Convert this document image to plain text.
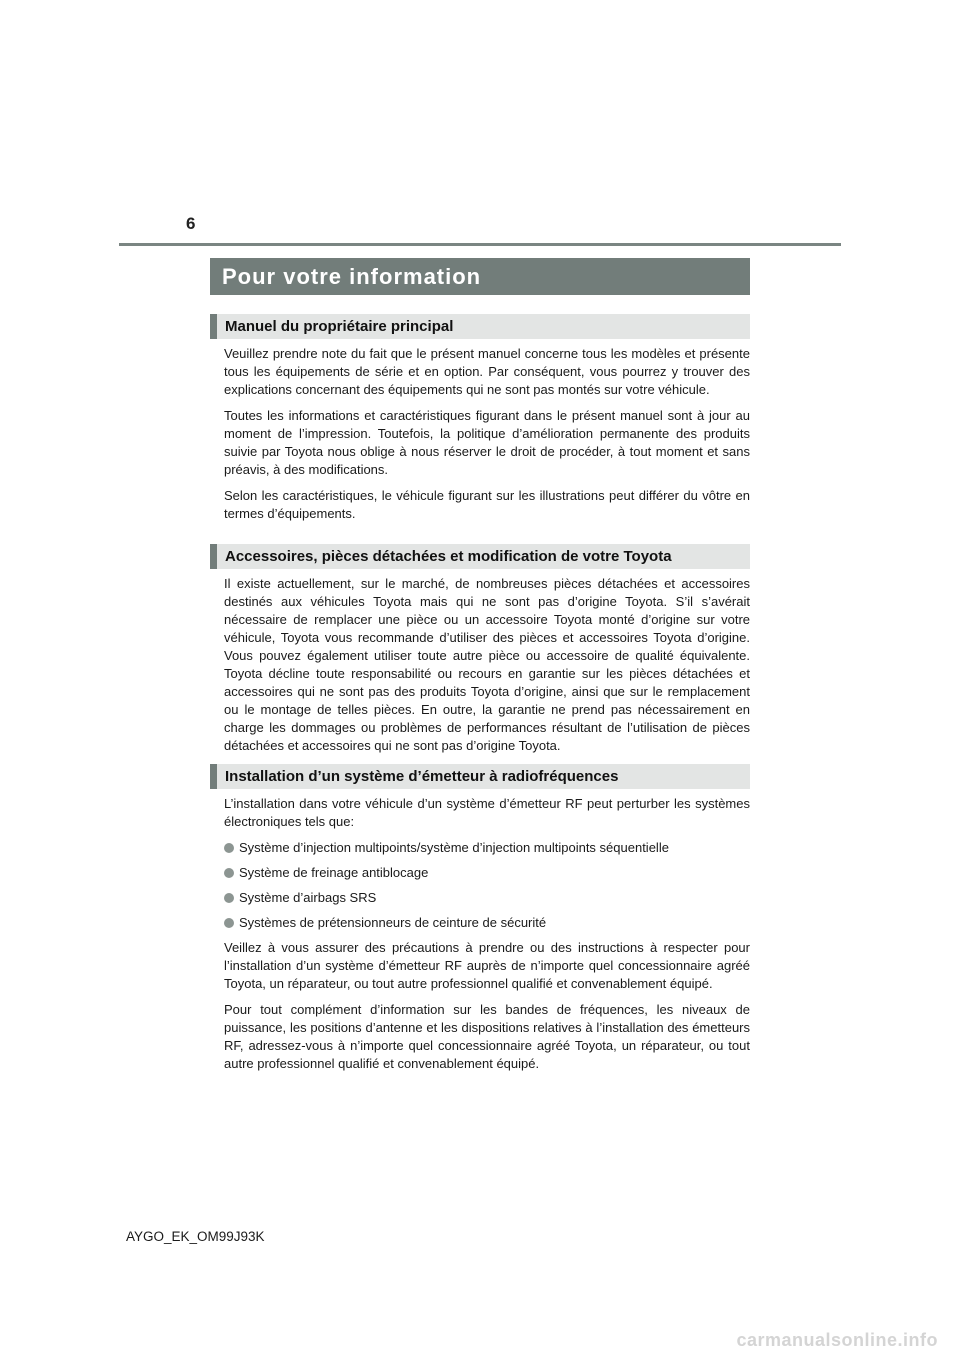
6
Pour votre information
Manuel du propriétaire principal

Veuillez prendre note du fait que le présent manuel concerne tous les modèles et présente tous les équipements de série et en option. Par conséquent, vous pourrez y trouver des explications concernant des équipements qui ne sont pas montés sur votre véhicule.

Toutes les informations et caractéristiques figurant dans le présent manuel sont à jour au moment de l’impression. Toutefois, la politique d’amélioration permanente des produits suivie par Toyota nous oblige à nous réserver le droit de procéder, à tout moment et sans préavis, à des modifications.

Selon les caractéristiques, le véhicule figurant sur les illustrations peut différer du vôtre en termes d’équipements.

Accessoires, pièces détachées et modification de votre Toyota

Il existe actuellement, sur le marché, de nombreuses pièces détachées et accessoires destinés aux véhicules Toyota mais qui ne sont pas d’origine Toyota. S’il s’avérait nécessaire de remplacer une pièce ou un accessoire Toyota monté d’origine sur votre véhicule, Toyota vous recommande d’utiliser des pièces et accessoires Toyota d’origine. Vous pouvez également utiliser toute autre pièce ou accessoire de qualité équivalente. Toyota décline toute responsabilité ou recours en garantie sur les pièces détachées et accessoires qui ne sont pas des produits Toyota d’origine, ainsi que sur le remplacement ou le montage de telles pièces. En outre, la garantie ne prend pas nécessairement en charge les dommages ou problèmes de performances résultant de l’utilisation de pièces détachées et accessoires qui ne sont pas d’origine Toyota.

Installation d’un système d’émetteur à radiofréquences

L’installation dans votre véhicule d’un système d’émetteur RF peut perturber les systèmes électroniques tels que:

Système d’injection multipoints/système d’injection multipoints séquentielle
Système de freinage antiblocage
Système d’airbags SRS
Systèmes de prétensionneurs de ceinture de sécurité

Veillez à vous assurer des précautions à prendre ou des instructions à respecter pour l’installation d’un système d’émetteur RF auprès de n’importe quel concessionnaire agréé Toyota, un réparateur, ou tout autre professionnel qualifié et convenablement équipé.

Pour tout complément d’information sur les bandes de fréquences, les niveaux de puissance, les positions d’antenne et les dispositions relatives à l’installation des émetteurs RF, adressez-vous à n’importe quel concessionnaire agréé Toyota, un réparateur, ou tout autre professionnel qualifié et convenablement équipé.

AYGO_EK_OM99J93K
carmanualsonline.info
